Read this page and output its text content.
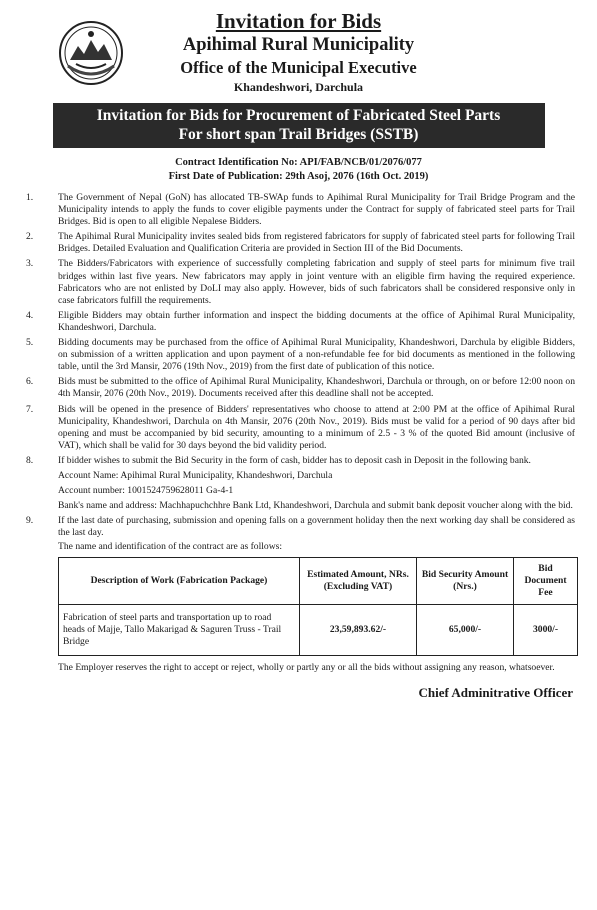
Invitation for Bids
Apihimal Rural Municipality
Office of the Municipal Executive
Khandeshwori, Darchula
Invitation for Bids for Procurement of Fabricated Steel Parts
For short span Trail Bridges (SSTB)
Contract Identification No: API/FAB/NCB/01/2076/077
First Date of Publication: 29th Asoj, 2076 (16th Oct. 2019)
1.	The Government of Nepal (GoN) has allocated TB-SWAp funds to Apihimal Rural Municipality for Trail Bridge Program and the Municipality intends to apply the funds to cover eligible payments under the Contract for supply of fabricated steel parts for Trail Bridges. Bid is open to all eligible Nepalese Bidders.
2.	The Apihimal Rural Municipality invites sealed bids from registered fabricators for supply of fabricated steel parts for following Trail Bridges. Detailed Evaluation and Qualification Criteria are provided in Section III of the Bid Documents.
3.	The Bidders/Fabricators with experience of successfully completing fabrication and supply of steel parts for minimum five trail bridges within last five years. New fabricators may apply in joint venture with an eligible firm having the required experience. Fabricators who are not enlisted by DoLI may also apply. However, bids of such fabricators shall be considered responsive only in case fabricators fulfill the requirements.
4.	Eligible Bidders may obtain further information and inspect the bidding documents at the office of Apihimal Rural Municipality, Khandeshwori, Darchula.
5.	Bidding documents may be purchased from the office of Apihimal Rural Municipality, Khandeshwori, Darchula by eligible Bidders, on submission of a written application and upon payment of a non-refundable fee for bid documents as mentioned in the following table, until the 3rd Mansir, 2076 (19th Nov., 2019) from the first date of publication of this notice.
6.	Bids must be submitted to the office of Apihimal Rural Municipality, Khandeshwori, Darchula or through, on or before 12:00 noon on 4th Mansir, 2076 (20th Nov., 2019). Documents received after this deadline shall not be accepted.
7.	Bids will be opened in the presence of Bidders' representatives who choose to attend at 2:00 PM at the office of Apihimal Rural Municipality, Khandeshwori, Darchula on 4th Mansir, 2076 (20th Nov., 2019). Bids must be valid for a period of 90 days after bid opening and must be accompanied by bid security, amounting to a minimum of 2.5 - 3 % of the quoted Bid amount (inclusive of VAT), which shall be valid for 30 days beyond the bid validity period.
8.	If bidder wishes to submit the Bid Security in the form of cash, bidder has to deposit cash in Deposit in the following bank.
Account Name: Apihimal Rural Municipality, Khandeshwori, Darchula
Account number: 1001524759628011 Ga-4-1
Bank's name and address: Machhapuchchhre Bank Ltd, Khandeshwori, Darchula and submit bank deposit voucher along with the bid.
9.	If the last date of purchasing, submission and opening falls on a government holiday then the next working day shall be considered as the last day.
The name and identification of the contract are as follows:
Description of Work (Fabrication Package)	Estimated Amount, NRs. (Excluding VAT)	Bid Security Amount (Nrs.)	Bid Document Fee
Fabrication of steel parts and transportation up to road heads of Majje, Tallo Makarigad & Saguren Truss - Trail Bridge	23,59,893.62/-	65,000/-	3000/-
The Employer reserves the right to accept or reject, wholly or partly any or all the bids without assigning any reason, whatsoever.
Chief Adminitrative Officer
